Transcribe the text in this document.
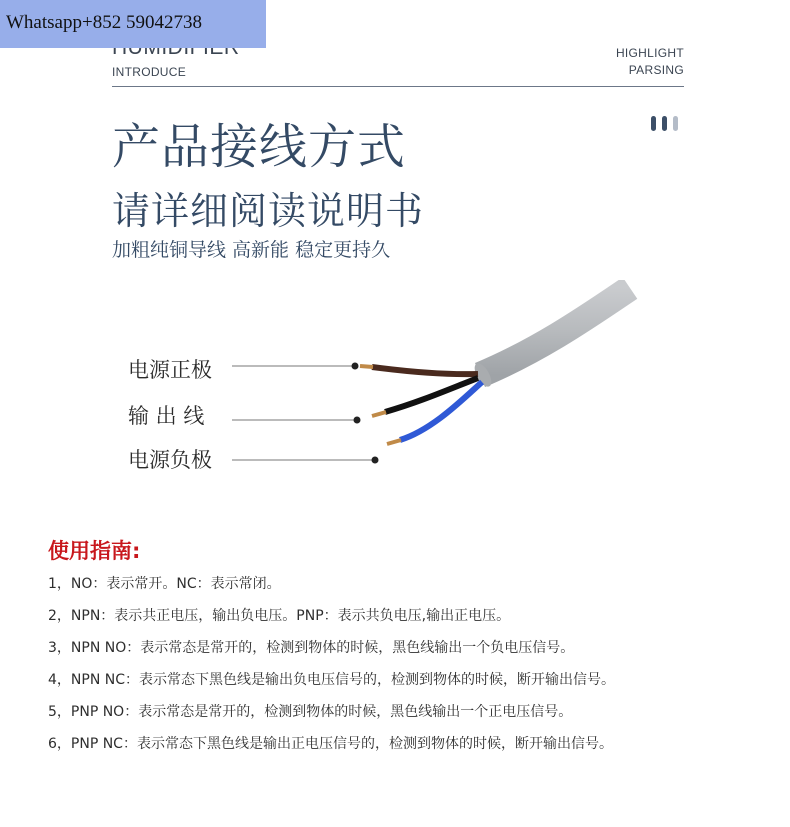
Whatsapp+852 59042738
INTRODUCE
HIGHLIGHT
PARSING
产品接线方式
请详细阅读说明书
加粗纯铜导线 高新能 稳定更持久
电源正极
输 出 线
电源负极
使用指南:
1，NO：表示常开。NC：表示常闭。
2，NPN：表示共正电压，输出负电压。PNP：表示共负电压,输出正电压。
3，NPN NO：表示常态是常开的，检测到物体的时候，黑色线输出一个负电压信号。
4，NPN NC：表示常态下黑色线是输出负电压信号的，检测到物体的时候，断开输出信号。
5，PNP NO：表示常态是常开的，检测到物体的时候，黑色线输出一个正电压信号。
6，PNP NC：表示常态下黑色线是输出正电压信号的，检测到物体的时候，断开输出信号。
